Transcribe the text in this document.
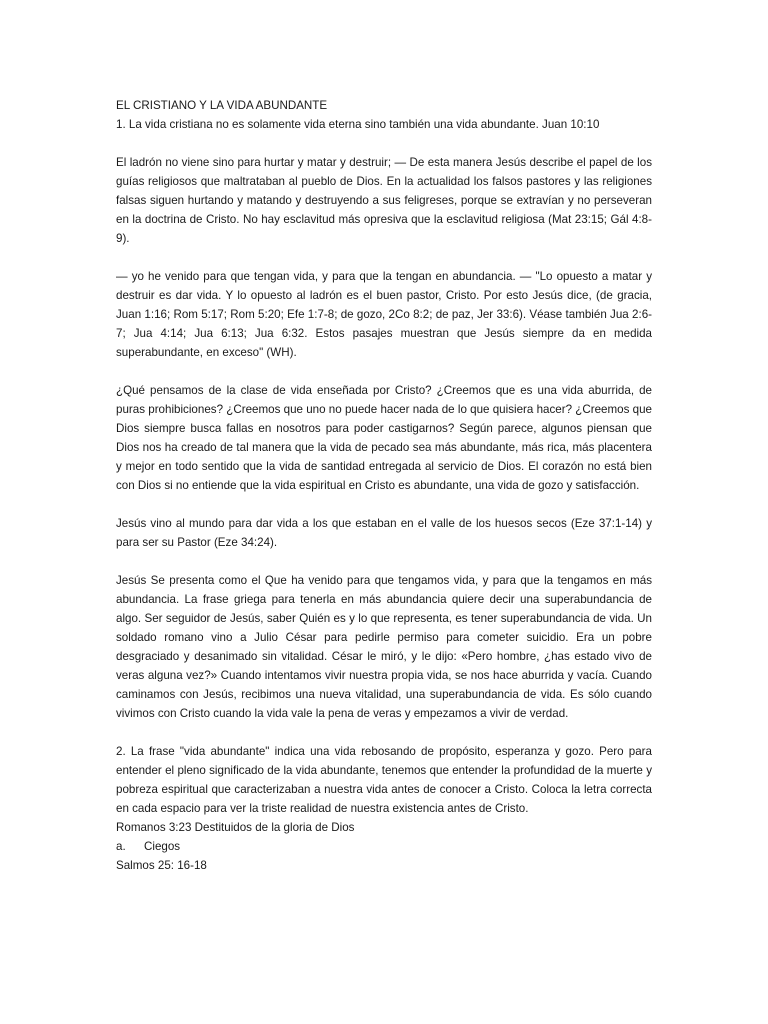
EL CRISTIANO Y LA VIDA ABUNDANTE

1. La vida cristiana no es solamente vida eterna sino también una vida abundante. Juan 10:10

El ladrón no viene sino para hurtar y matar y destruir; — De esta manera Jesús describe el papel de los guías religiosos que maltrataban al pueblo de Dios. En la actualidad los falsos pastores y las religiones falsas siguen hurtando y matando y destruyendo a sus feligreses, porque se extravían y no perseveran en la doctrina de Cristo. No hay esclavitud más opresiva que la esclavitud religiosa (Mat 23:15; Gál 4:8-9).

— yo he venido para que tengan vida, y para que la tengan en abundancia. — "Lo opuesto a matar y destruir es dar vida. Y lo opuesto al ladrón es el buen pastor, Cristo. Por esto Jesús dice, (de gracia, Juan 1:16; Rom 5:17; Rom 5:20; Efe 1:7-8; de gozo, 2Co 8:2; de paz, Jer 33:6). Véase también Jua 2:6-7; Jua 4:14; Jua 6:13; Jua 6:32. Estos pasajes muestran que Jesús siempre da en medida superabundante, en exceso" (WH).

¿Qué pensamos de la clase de vida enseñada por Cristo? ¿Creemos que es una vida aburrida, de puras prohibiciones? ¿Creemos que uno no puede hacer nada de lo que quisiera hacer? ¿Creemos que Dios siempre busca fallas en nosotros para poder castigarnos? Según parece, algunos piensan que Dios nos ha creado de tal manera que la vida de pecado sea más abundante, más rica, más placentera y mejor en todo sentido que la vida de santidad entregada al servicio de Dios. El corazón no está bien con Dios si no entiende que la vida espiritual en Cristo es abundante, una vida de gozo y satisfacción.

Jesús vino al mundo para dar vida a los que estaban en el valle de los huesos secos (Eze 37:1-14) y para ser su Pastor (Eze 34:24).

Jesús Se presenta como el Que ha venido para que tengamos vida, y para que la tengamos en más abundancia. La frase griega para tenerla en más abundancia quiere decir una superabundancia de algo. Ser seguidor de Jesús, saber Quién es y lo que representa, es tener superabundancia de vida. Un soldado romano vino a Julio César para pedirle permiso para cometer suicidio. Era un pobre desgraciado y desanimado sin vitalidad. César le miró, y le dijo: «Pero hombre, ¿has estado vivo de veras alguna vez?» Cuando intentamos vivir nuestra propia vida, se nos hace aburrida y vacía. Cuando caminamos con Jesús, recibimos una nueva vitalidad, una superabundancia de vida. Es sólo cuando vivimos con Cristo cuando la vida vale la pena de veras y empezamos a vivir de verdad.

2. La frase "vida abundante" indica una vida rebosando de propósito, esperanza y gozo. Pero para entender el pleno significado de la vida abundante, tenemos que entender la profundidad de la muerte y pobreza espiritual que caracterizaban a nuestra vida antes de conocer a Cristo. Coloca la letra correcta en cada espacio para ver la triste realidad de nuestra existencia antes de Cristo.

Romanos 3:23 Destituidos de la gloria de Dios

a.	Ciegos

Salmos 25: 16-18
